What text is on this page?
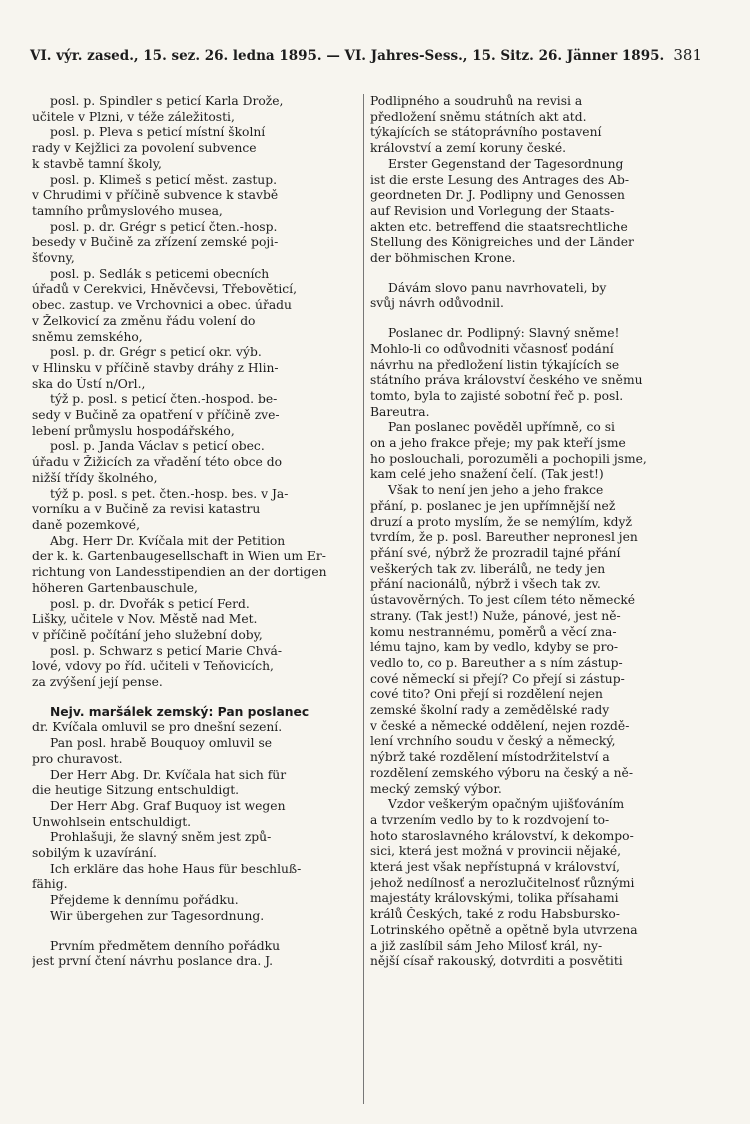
VI. výr. zased., 15. sez. 26. ledna 1895. — VI. Jahres-Sess., 15. Sitz. 26. Jänner 1895. 381
posl. p. Spindler s peticí Karla Drože,
učitele v Plzni, v téže záležitosti,
posl. p. Pleva s peticí místní školní
rady v Kejžlici za povolení subvence
k stavbě tamní školy,
posl. p. Klimeš s peticí měst. zastup.
v Chrudimi v příčině subvence k stavbě
tamního průmyslového musea,
posl. p. dr. Grégr s peticí čten.-hosp.
besedy v Bučině za zřízení zemské poji-
šťovny,
posl. p. Sedlák s peticemi obecních
úřadů v Cerekvici, Hněvčevsi, Třebověticí,
obec. zastup. ve Vrchovnici a obec. úřadu
v Želkovicí za změnu řádu volení do
sněmu zemského,
posl. p. dr. Grégr s peticí okr. výb.
v Hlinsku v příčině stavby dráhy z Hlin-
ska do Ústí n/Orl.,
týž p. posl. s peticí čten.-hospod. be-
sedy v Bučině za opatření v příčině zve-
lebení průmyslu hospodářského,
posl. p. Janda Václav s peticí obec.
úřadu v Žižicích za vřadění této obce do
nižší třídy školného,
týž p. posl. s pet. čten.-hosp. bes. v Ja-
vorníku a v Bučině za revisi katastru
daně pozemkové,
Abg. Herr Dr. Kvíčala mit der Petition
der k. k. Gartenbaugesellschaft in Wien um Er-
richtung von Landesstipendien an der dortigen
höheren Gartenbauschule,
posl. p. dr. Dvořák s peticí Ferd.
Lišky, učitele v Nov. Městě nad Met.
v příčině počítání jeho služební doby,
posl. p. Schwarz s peticí Marie Chvá-
lové, vdovy po říd. učiteli v Teňovicích,
za zvýšení její pense.
Nejv. maršálek zemský: Pan poslanec
dr. Kvíčala omluvil se pro dnešní sezení.
Pan posl. hrabě Bouquoy omluvil se
pro churavost.
Der Herr Abg. Dr. Kvíčala hat sich für
die heutige Sitzung entschuldigt.
Der Herr Abg. Graf Buquoy ist wegen
Unwohlsein entschuldigt.
Prohlašuji, že slavný sněm jest způ-
sobilým k uzavírání.
Ich erkläre das hohe Haus für beschluß-
fähig.
Přejdeme k dennímu pořádku.
Wir übergehen zur Tagesordnung.
Prvním předmětem denního pořádku
jest první čtení návrhu poslance dra. J.
Podlipného a soudruhů na revisi a
předložení sněmu státních akt atd.
týkajících se státoprávního postavení
království a zemí koruny české.
Erster Gegenstand der Tagesordnung
ist die erste Lesung des Antrages des Ab-
geordneten Dr. J. Podlipny und Genossen
auf Revision und Vorlegung der Staats-
akten etc. betreffend die staatsrechtliche
Stellung des Königreiches und der Länder
der böhmischen Krone.
Dávám slovo panu navrhovateli, by
svůj návrh odůvodnil.
Poslanec dr. Podlipný: Slavný sněme!
Mohlo-li co odůvodniti včasnosť podání
návrhu na předložení listin týkajících se
státního práva království českého ve sněmu
tomto, byla to zajisté sobotní řeč p. posl.
Bareutra.
Pan poslanec pověděl upřímně, co si
on a jeho frakce přeje; my pak kteří jsme
ho poslouchali, porozuměli a pochopili jsme,
kam celé jeho snažení čelí. (Tak jest!)
Však to není jen jeho a jeho frakce
přání, p. poslanec je jen upřímnější než
druzí a proto myslím, že se nemýlím, když
tvrdím, že p. posl. Bareuther nepronesl jen
přání své, nýbrž že prozradil tajné přání
veškerých tak zv. liberálů, ne tedy jen
přání nacionálů, nýbrž i všech tak zv.
ústavověrných. To jest cílem této německé
strany. (Tak jest!) Nuže, pánové, jest ně-
komu nestrannému, poměrů a věcí zna-
lému tajno, kam by vedlo, kdyby se pro-
vedlo to, co p. Bareuther a s ním zástup-
cové německí si přejí? Co přejí si zástup-
cové tito? Oni přejí si rozdělení nejen
zemské školní rady a zemědělské rady
v české a německé oddělení, nejen rozdě-
lení vrchního soudu v český a německý,
nýbrž také rozdělení místodržitelství a
rozdělení zemského výboru na český a ně-
mecký zemský výbor.
Vzdor veškerým opačným ujišťováním
a tvrzením vedlo by to k rozdvojení to-
hoto staroslavného království, k dekompo-
sici, která jest možná v provincii nějaké,
která jest však nepřístupná v království,
jehož nedílnosť a nerozlučitelnosť různými
majestáty královskými, tolika přísahami
králů Českých, také z rodu Habsbursko-
Lotrinského opětně a opětně byla utvrzena
a již zaslíbil sám Jeho Milosť král, ny-
nější císař rakouský, dotvrditi a posvětiti
